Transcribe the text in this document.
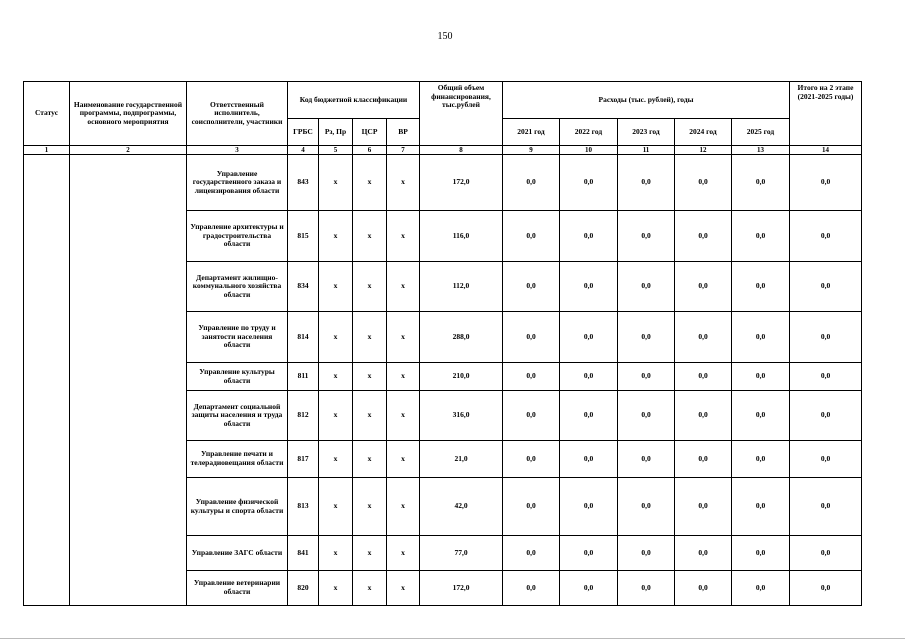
150
Статус	Наименование государственной программы, подпрограммы, основного мероприятия	Ответственный исполнитель, соисполнители, участники	Код бюджетной классификации				Общий объем финансирования, тыс.рублей	Расходы (тыс. рублей), годы					Итого на 2 этапе (2021-2025 годы)
			ГРБС	Рз, Пр	ЦСР	ВР		2021 год	2022 год	2023 год	2024 год	2025 год	
1	2	3	4	5	6	7	8	9	10	11	12	13	14
		Управление государственного заказа и лицензирования области	843	х	х	х	172,0	0,0	0,0	0,0	0,0	0,0	0,0
		Управление архитектуры и градостроительства области	815	х	х	х	116,0	0,0	0,0	0,0	0,0	0,0	0,0
		Департамент жилищно-коммунального хозяйства области	834	х	х	х	112,0	0,0	0,0	0,0	0,0	0,0	0,0
		Управление по труду и занятости населения области	814	х	х	х	288,0	0,0	0,0	0,0	0,0	0,0	0,0
		Управление культуры области	811	х	х	х	210,0	0,0	0,0	0,0	0,0	0,0	0,0
		Департамент социальной защиты населения и труда области	812	х	х	х	316,0	0,0	0,0	0,0	0,0	0,0	0,0
		Управление печати и телерадиовещания области	817	х	х	х	21,0	0,0	0,0	0,0	0,0	0,0	0,0
		Управление физической культуры и спорта области	813	х	х	х	42,0	0,0	0,0	0,0	0,0	0,0	0,0
		Управление ЗАГС области	841	х	х	х	77,0	0,0	0,0	0,0	0,0	0,0	0,0
		Управление ветеринарии области	820	х	х	х	172,0	0,0	0,0	0,0	0,0	0,0	0,0
